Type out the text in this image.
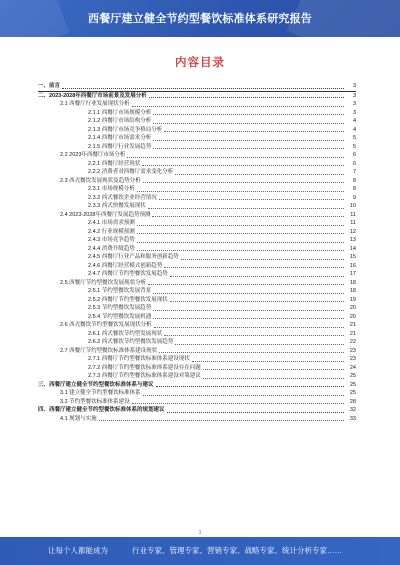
西餐厅建立健全节约型餐饮标准体系研究报告
内容目录
一、前言	3
二、2023-2028年西餐厅市场前景及发展分析	3
2.1 西餐厅行业发展现状分析	3
2.1.1 西餐厅市场规模分析	3
2.1.2 西餐厅市场结构分析	4
2.1.3 西餐厅市场竞争格局分析	4
2.1.4 西餐厅市场需求分析	5
2.1.5 西餐厅行业发展趋势	5
2.2 2023年西餐厅市场分析	6
2.2.1 西餐厅经营现状	6
2.2.2 消费者对西餐厅需求变化分析	7
2.3 西式餐饮发展现状及趋势分析	8
2.3.1 市场规模分析	8
2.3.2 西式餐饮企业经营情况	9
2.3.3 西式快餐发展现状	10
2.4 2023-2028年西餐厅发展趋势预测	11
2.4.1 市场需求预测	11
2.4.2 行业规模预测	12
2.4.3 市场竞争趋势	13
2.4.4 消费升级趋势	14
2.4.5 西餐厅行业产品和服务创新趋势	15
2.4.6 西餐厅经营模式创新趋势	16
2.4.7 西餐厅节约型餐饮发展趋势	17
2.5 西餐厅节约型餐饮发展现状分析	18
2.5.1 节约型餐饮发展背景	18
2.5.2 西餐厅节约型餐饮发展现状	19
2.5.3 节约型餐饮发展趋势	20
2.5.4 节约型餐饮发展机遇	20
2.6 西式餐饮节约型餐饮发展现状分析	21
2.6.1 西式餐饮节约型发展现状	21
2.6.2 西式餐饮节约型餐饮发展趋势	22
2.7 西餐厅节约型餐饮标准体系建设现状	23
2.7.1 西餐厅节约型餐饮标准体系建设现状	23
2.7.2 西餐厅节约型餐饮标准体系建设存在问题	24
2.7.3 西餐厅节约型餐饮标准体系建设对策建议	25
三、西餐厅建立健全节约型餐饮标准体系与建议	25
3.1 建立健全节约型餐饮标准体系	25
3.2 节约型餐饮标准体系建设	28
四、西餐厅建立健全节约型餐饮标准体系的规划建议	32
4.1 规划与实施	33
1
让每个人都能成为	行业专家、管理专家、营销专家、战略专家、统计分析专家……
